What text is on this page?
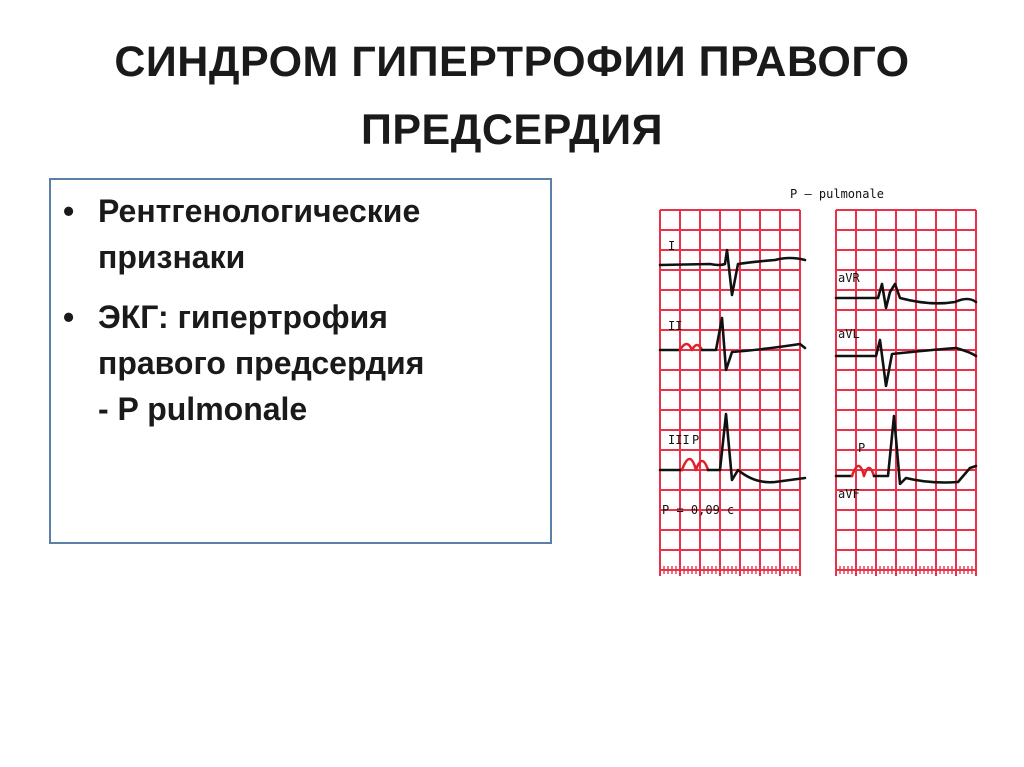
СИНДРОМ ГИПЕРТРОФИИ ПРАВОГО
ПРЕДСЕРДИЯ
• Рентгенологические
признаки
• ЭКГ: гипертрофия
правого предсердия
- P pulmonale
P – pulmonale
I
II
III P
P = 0,09 c
aVR
aVL
P
aVF
